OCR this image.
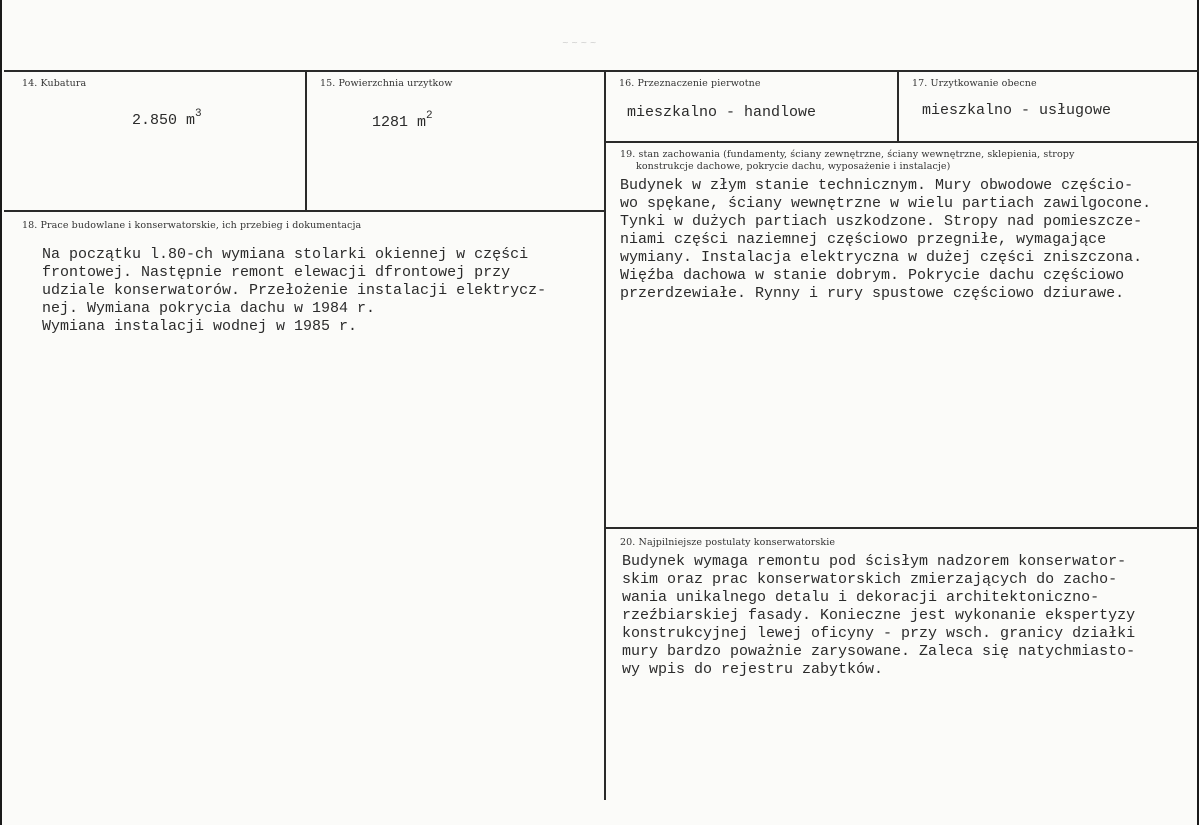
~ ~ ~ ~
14. Kubatura
2.850 $m^3$
15. Powierzchnia urzytkow
1281 $m^2$
16. Przeznaczenie pierwotne
mieszkalno - handlowe
17. Urzytkowanie obecne
mieszkalno - usługowe
18. Prace budowlane i konserwatorskie, ich przebieg i dokumentacja
Na początku l.80-ch wymiana stolarki okiennej w części
frontowej. Następnie remont elewacji dfrontowej przy
udziale konserwatorów. Przełożenie instalacji elektrycz-
nej. Wymiana pokrycia dachu w 1984 r.
Wymiana instalacji wodnej w 1985 r.
19. stan zachowania (fundamenty, ściany zewnętrzne, ściany wewnętrzne, sklepienia, stropy
konstrukcje dachowe, pokrycie dachu, wyposażenie i instalacje)
Budynek w złym stanie technicznym. Mury obwodowe częścio-
wo spękane, ściany wewnętrzne w wielu partiach zawilgocone.
Tynki w dużych partiach uszkodzone. Stropy nad pomieszcze-
niami części naziemnej częściowo przegniłe, wymagające
wymiany. Instalacja elektryczna w dużej części zniszczona.
Więźba dachowa w stanie dobrym. Pokrycie dachu częściowo
przerdzewiałe. Rynny i rury spustowe częściowo dziurawe.
20. Najpilniejsze postulaty konserwatorskie
Budynek wymaga remontu pod ścisłym nadzorem konserwator-
skim oraz prac konserwatorskich zmierzających do zacho-
wania unikalnego detalu i dekoracji architektoniczno-
rzeźbiarskiej fasady. Konieczne jest wykonanie ekspertyzy
konstrukcyjnej lewej oficyny - przy wsch. granicy działki
mury bardzo poważnie zarysowane. Zaleca się natychmiasto-
wy wpis do rejestru zabytków.
